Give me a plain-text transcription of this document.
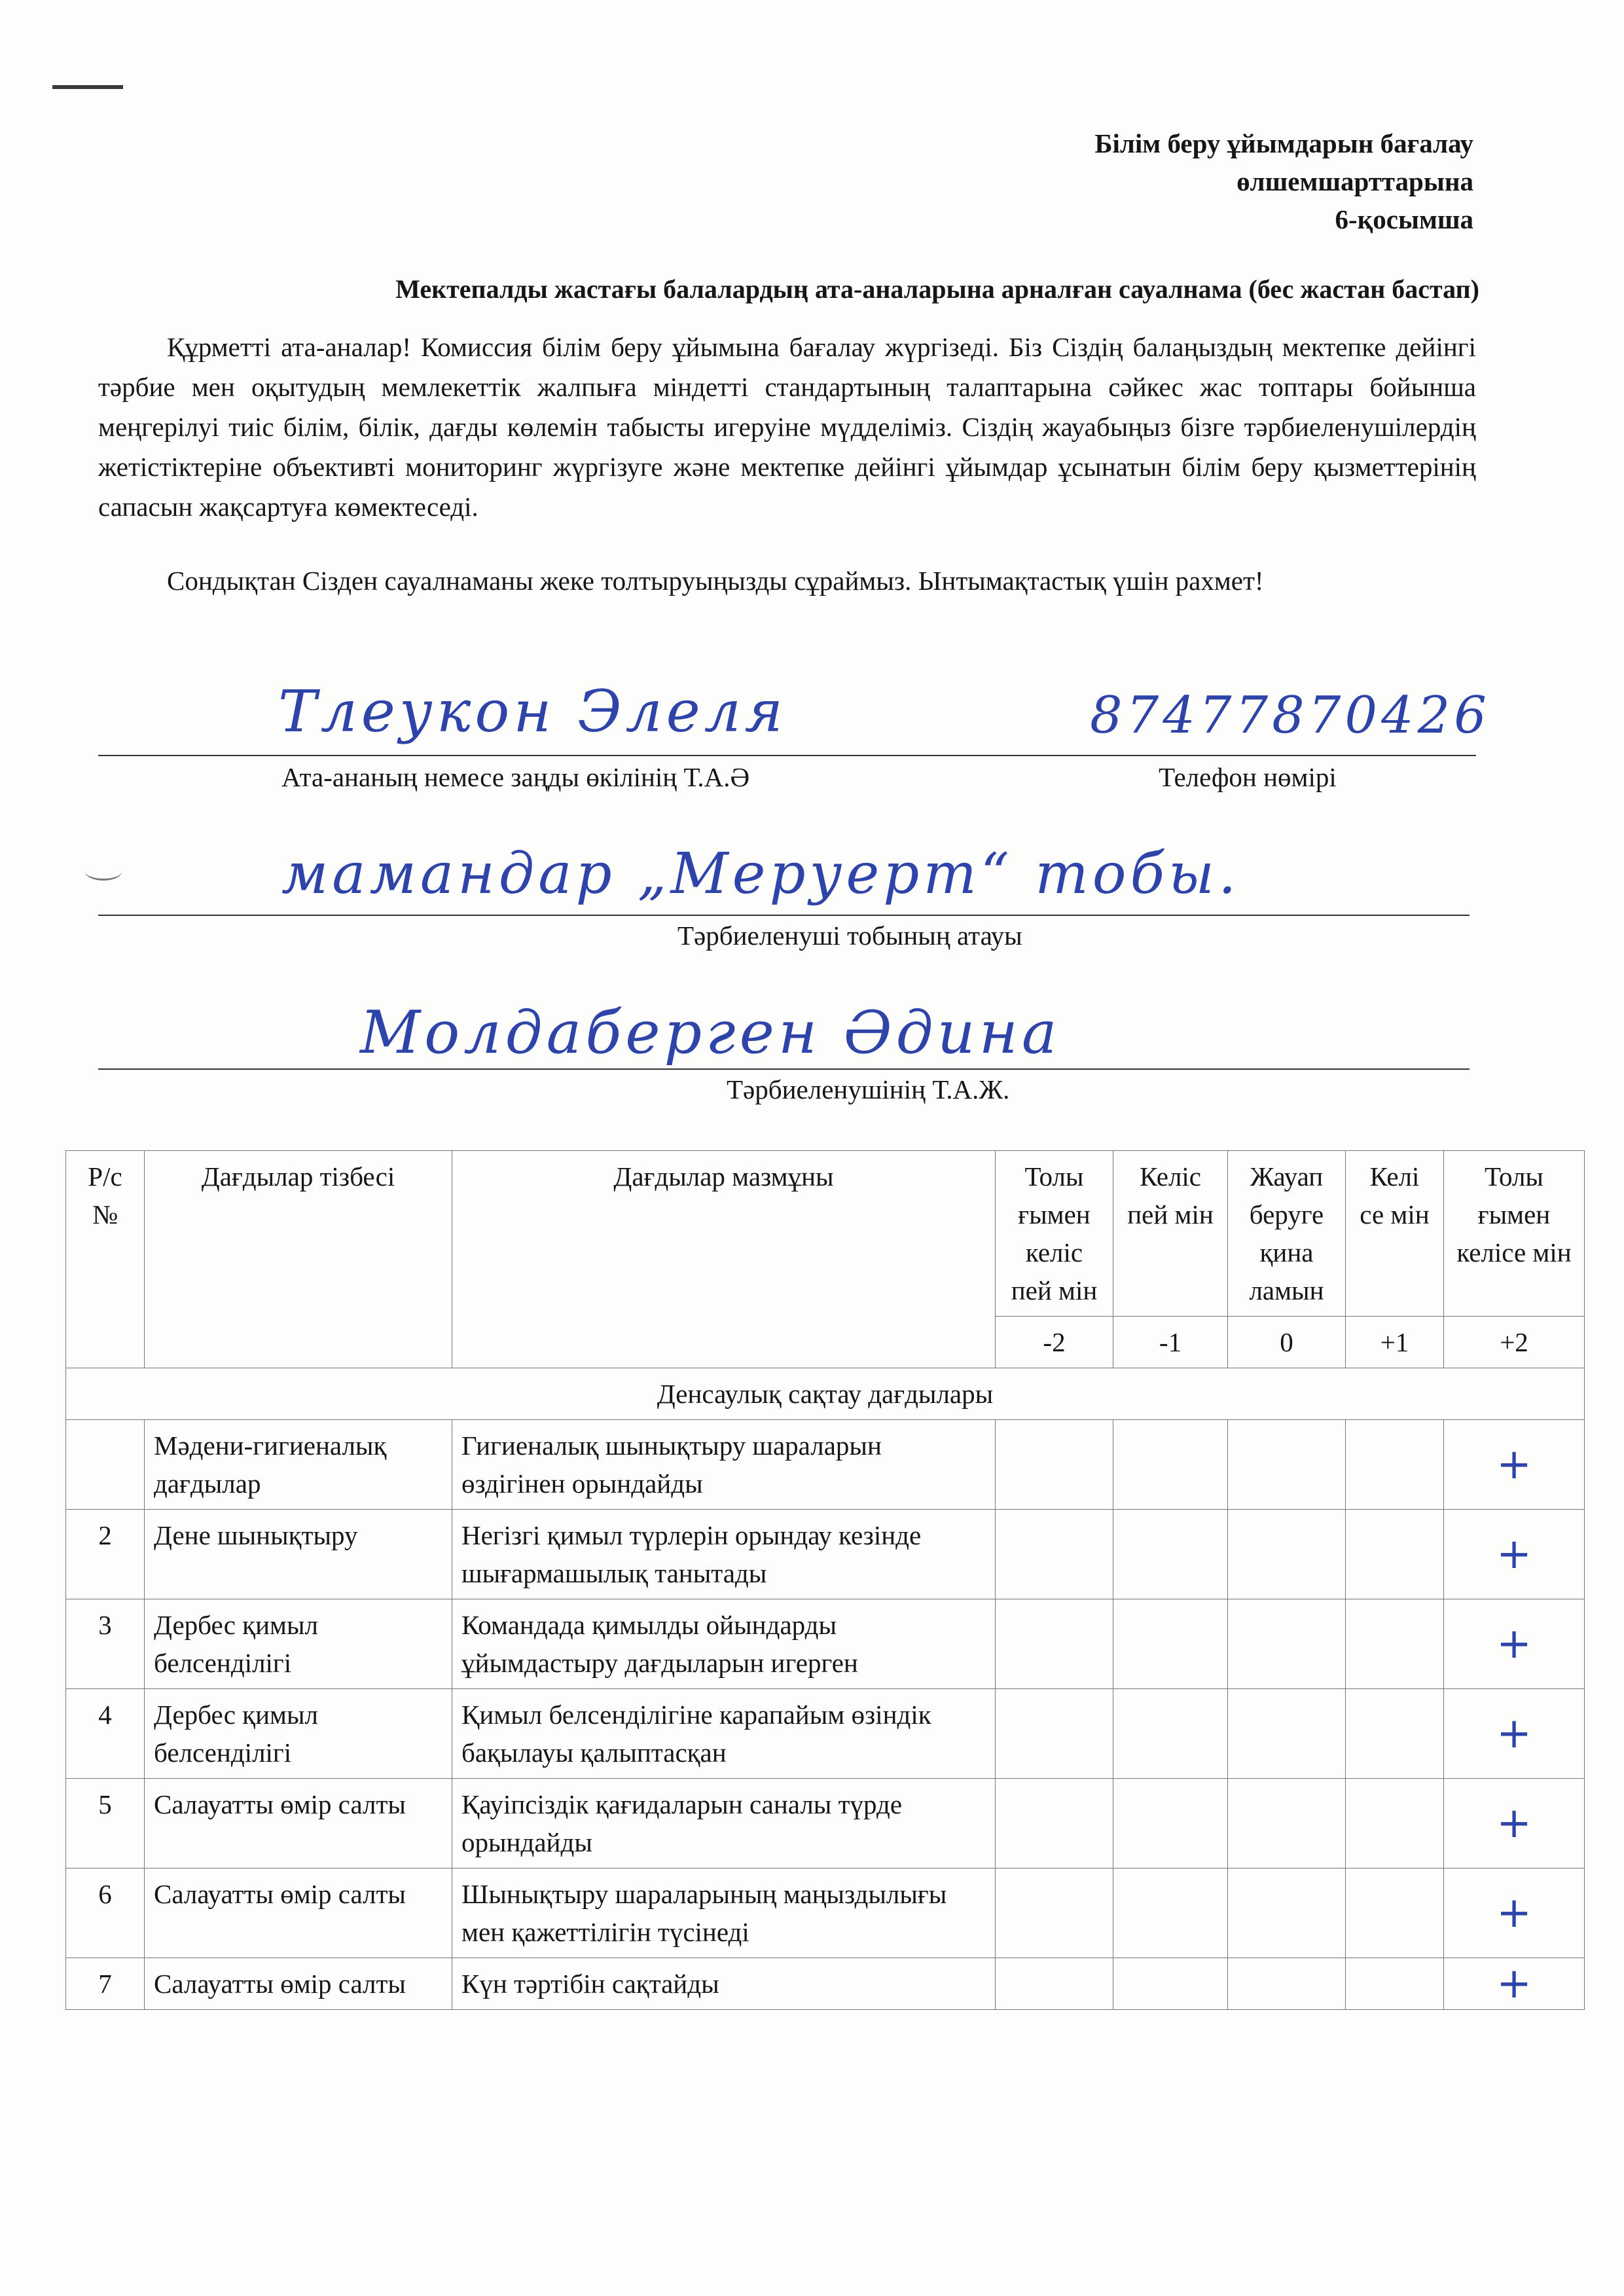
Білім беру ұйымдарын бағалау
өлшемшарттарына
6-қосымша
Мектепалды жастағы балалардың ата-аналарына арналған сауалнама (бес жастан бастап)
Құрметті ата-аналар! Комиссия білім беру ұйымына бағалау жүргізеді. Біз Сіздің балаңыздың мектепке дейінгі тәрбие мен оқытудың мемлекеттік жалпыға міндетті стандартының талаптарына сәйкес жас топтары бойынша меңгерілуі тиіс білім, білік, дағды көлемін табысты игеруіне мүдделіміз. Сіздің жауабыңыз бізге тәрбиеленушілердің жетістіктеріне объективті мониторинг жүргізуге және мектепке дейінгі ұйымдар ұсынатын білім беру қызметтерінің сапасын жақсартуға көмектеседі.
Сондықтан Сізден сауалнаманы жеке толтыруыңызды сұраймыз. Ынтымақтастық үшін рахмет!
Тлеукон Элеля	87477870426
Ата-ананың немесе заңды өкілінің Т.А.Ә	Телефон нөмірі
мамандар „Меруерт“ тобы.
Тәрбиеленуші тобының атауы
Молдаберген Әдина
Тәрбиеленушінің Т.А.Ж.
Р/с №	Дағдылар тізбесі	Дағдылар мазмұны	Толы ғымен келіс пей мін	Келіс пей мін	Жауап беруге қина ламын	Келі се мін	Толы ғымен келісе мін
			-2	-1	0	+1	+2
Денсаулық сақтау дағдылары							
	Мәдени-гигиеналық дағдылар	Гигиеналық шынықтыру шараларын өздігінен орындайды					+
2	Дене шынықтыру	Негізгі қимыл түрлерін орындау кезінде шығармашылық танытады					+
3	Дербес қимыл белсенділігі	Командада қимылды ойындарды ұйымдастыру дағдыларын игерген					+
4	Дербес қимыл белсенділігі	Қимыл белсенділігіне карапайым өзіндік бақылауы қалыптасқан					+
5	Салауатты өмір салты	Қауіпсіздік қағидаларын саналы түрде орындайды					+
6	Салауатты өмір салты	Шынықтыру шараларының маңыздылығы мен қажеттілігін түсінеді					+
7	Салауатты өмір салты	Күн тәртібін сақтайды					+
